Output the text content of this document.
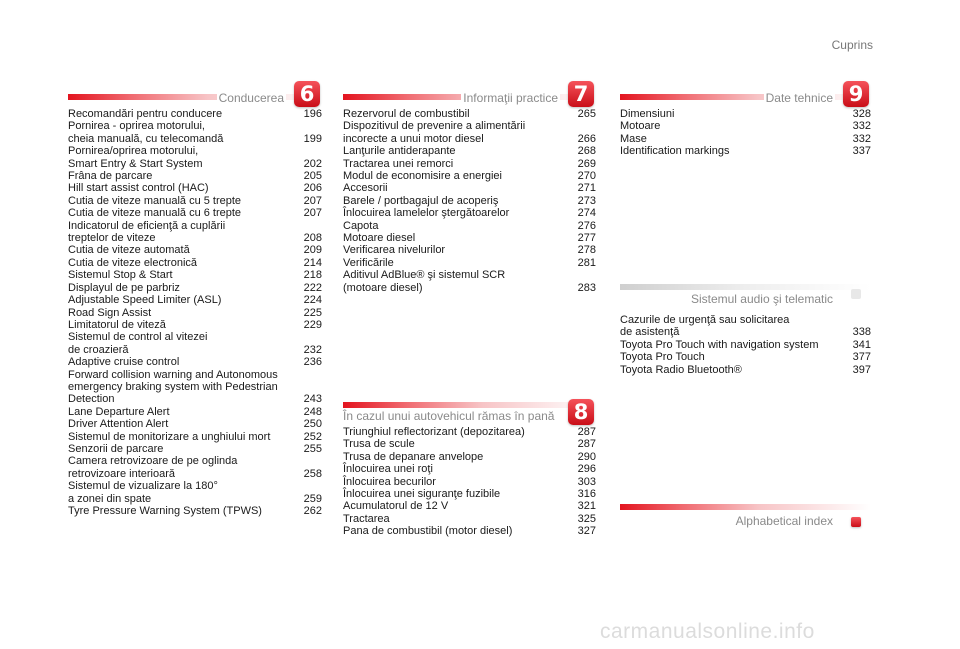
Cuprins
Conducerea 6
Recomandări pentru conducere	196
Pornirea - oprirea motorului,
cheia manuală, cu telecomandă	199
Pornirea/oprirea motorului,
Smart Entry & Start System	202
Frâna de parcare	205
Hill start assist control (HAC)	206
Cutia de viteze manuală cu 5 trepte	207
Cutia de viteze manuală cu 6 trepte	207
Indicatorul de eficienţă a cuplării
treptelor de viteze	208
Cutia de viteze automată	209
Cutia de viteze electronică	214
Sistemul Stop & Start	218
Displayul de pe parbriz	222
Adjustable Speed Limiter (ASL)	224
Road Sign Assist	225
Limitatorul de viteză	229
Sistemul de control al vitezei
de croazieră	232
Adaptive cruise control	236
Forward collision warning and Autonomous
emergency braking system with Pedestrian
Detection	243
Lane Departure Alert	248
Driver Attention Alert	250
Sistemul de monitorizare a unghiului mort	252
Senzorii de parcare	255
Camera retrovizoare de pe oglinda
retrovizoare interioară	258
Sistemul de vizualizare la 180°
a zonei din spate	259
Tyre Pressure Warning System (TPWS)	262
Informaţii practice 7
Rezervorul de combustibil	265
Dispozitivul de prevenire a alimentării
incorecte a unui motor diesel	266
Lanţurile antiderapante	268
Tractarea unei remorci	269
Modul de economisire a energiei	270
Accesorii	271
Barele / portbagajul de acoperiş	273
Înlocuirea lamelelor ştergătoarelor	274
Capota	276
Motoare diesel	277
Verificarea nivelurilor	278
Verificările	281
Aditivul AdBlue® şi sistemul SCR
(motoare diesel)	283
În cazul unui autovehicul rămas în pană 8
Triunghiul reflectorizant (depozitarea)	287
Trusa de scule	287
Trusa de depanare anvelope	290
Înlocuirea unei roţi	296
Înlocuirea becurilor	303
Înlocuirea unei siguranţe fuzibile	316
Acumulatorul de 12 V	321
Tractarea	325
Pana de combustibil (motor diesel)	327
Date tehnice 9
Dimensiuni	328
Motoare	332
Mase	332
Identification markings	337
Sistemul audio şi telematic
Cazurile de urgenţă sau solicitarea
de asistenţă	338
Toyota Pro Touch with navigation system	341
Toyota Pro Touch	377
Toyota Radio Bluetooth®	397
Alphabetical index
carmanualsonline.info
